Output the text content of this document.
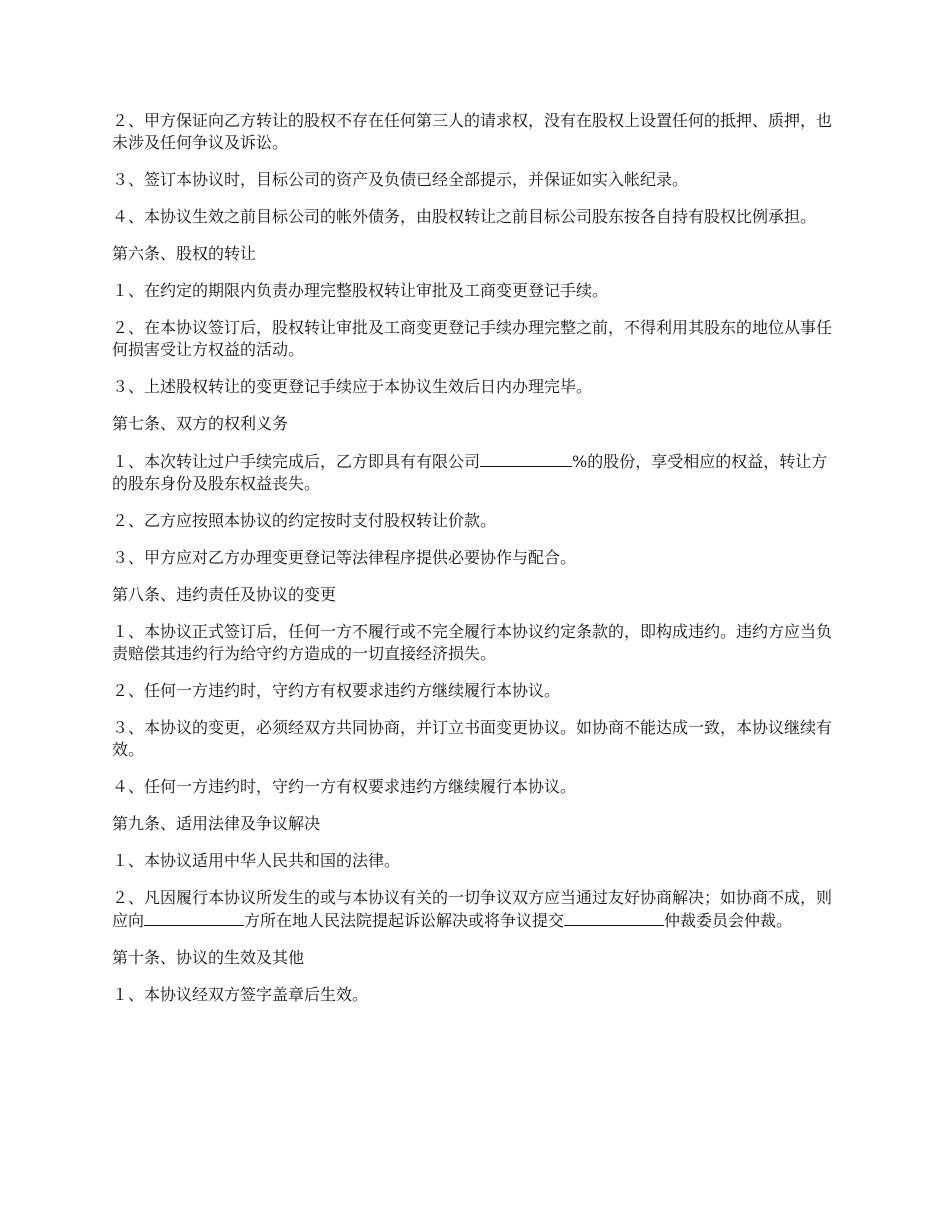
２、甲方保证向乙方转让的股权不存在任何第三人的请求权，没有在股权上设置任何的抵押、质押，也未涉及任何争议及诉讼。

３、签订本协议时，目标公司的资产及负债已经全部提示，并保证如实入帐纪录。

４、本协议生效之前目标公司的帐外债务，由股权转让之前目标公司股东按各自持有股权比例承担。

第六条、股权的转让

１、在约定的期限内负责办理完整股权转让审批及工商变更登记手续。

２、在本协议签订后，股权转让审批及工商变更登记手续办理完整之前，不得利用其股东的地位从事任何损害受让方权益的活动。

３、上述股权转让的变更登记手续应于本协议生效后日内办理完毕。

第七条、双方的权利义务

１、本次转让过户手续完成后，乙方即具有有限公司	%的股份，享受相应的权益，转让方的股东身份及股东权益丧失。

２、乙方应按照本协议的约定按时支付股权转让价款。

３、甲方应对乙方办理变更登记等法律程序提供必要协作与配合。

第八条、违约责任及协议的变更

１、本协议正式签订后，任何一方不履行或不完全履行本协议约定条款的，即构成违约。违约方应当负责赔偿其违约行为给守约方造成的一切直接经济损失。

２、任何一方违约时，守约方有权要求违约方继续履行本协议。

３、本协议的变更，必须经双方共同协商，并订立书面变更协议。如协商不能达成一致，本协议继续有效。

４、任何一方违约时，守约一方有权要求违约方继续履行本协议。

第九条、适用法律及争议解决

１、本协议适用中华人民共和国的法律。

２、凡因履行本协议所发生的或与本协议有关的一切争议双方应当通过友好协商解决；如协商不成，则应向	方所在地人民法院提起诉讼解决或将争议提交	仲裁委员会仲裁。

第十条、协议的生效及其他

１、本协议经双方签字盖章后生效。
